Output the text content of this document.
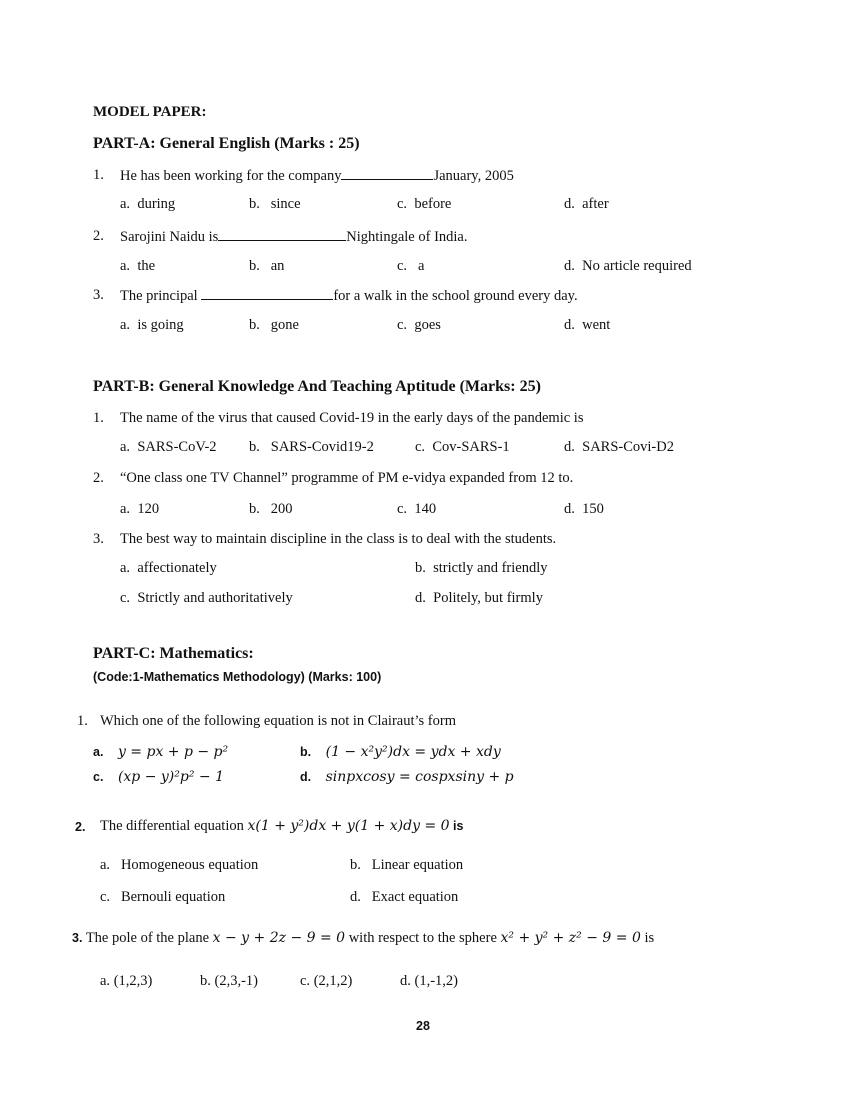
MODEL PAPER:
PART-A: General English (Marks : 25)
1. He has been working for the company	January, 2005
a. during	b. since	c. before	d. after
2. Sarojini Naidu is	Nightingale of India.
a. the	b. an	c. a	d. No article required
3. The principal	for a walk in the school ground every day.
a. is going	b. gone	c. goes	d. went
PART-B: General Knowledge And Teaching Aptitude (Marks: 25)
1. The name of the virus that caused Covid-19 in the early days of the pandemic is
a. SARS-CoV-2 b. SARS-Covid19-2	c. Cov-SARS-1	d. SARS-Covi-D2
2. “One class one TV Channel” programme of PM e-vidya expanded from 12 to.
a. 120	b. 200	c. 140	d. 150
3. The best way to maintain discipline in the class is to deal with the students.
a. affectionately	b. strictly and friendly
c. Strictly and authoritatively	d. Politely, but firmly
PART-C: Mathematics:
(Code:1-Mathematics Methodology) (Marks: 100)
1. Which one of the following equation is not in Clairaut’s form
a. y = px + p − p²	b. (1 − x²y²)dx = ydx + xdy
c. (xp − y)²p² − 1	d. sinpxcosy = cospxsiny + p
2. The differential equation x(1 + y²)dx + y(1 + x)dy = 0 is
a. Homogeneous equation	b. Linear equation
c. Bernouli equation	d. Exact equation
3. The pole of the plane x − y + 2z − 9 = 0 with respect to the sphere x² + y² + z² − 9 = 0 is
a. (1,2,3)	b. (2,3,-1)	c. (2,1,2)	d. (1,-1,2)
28
